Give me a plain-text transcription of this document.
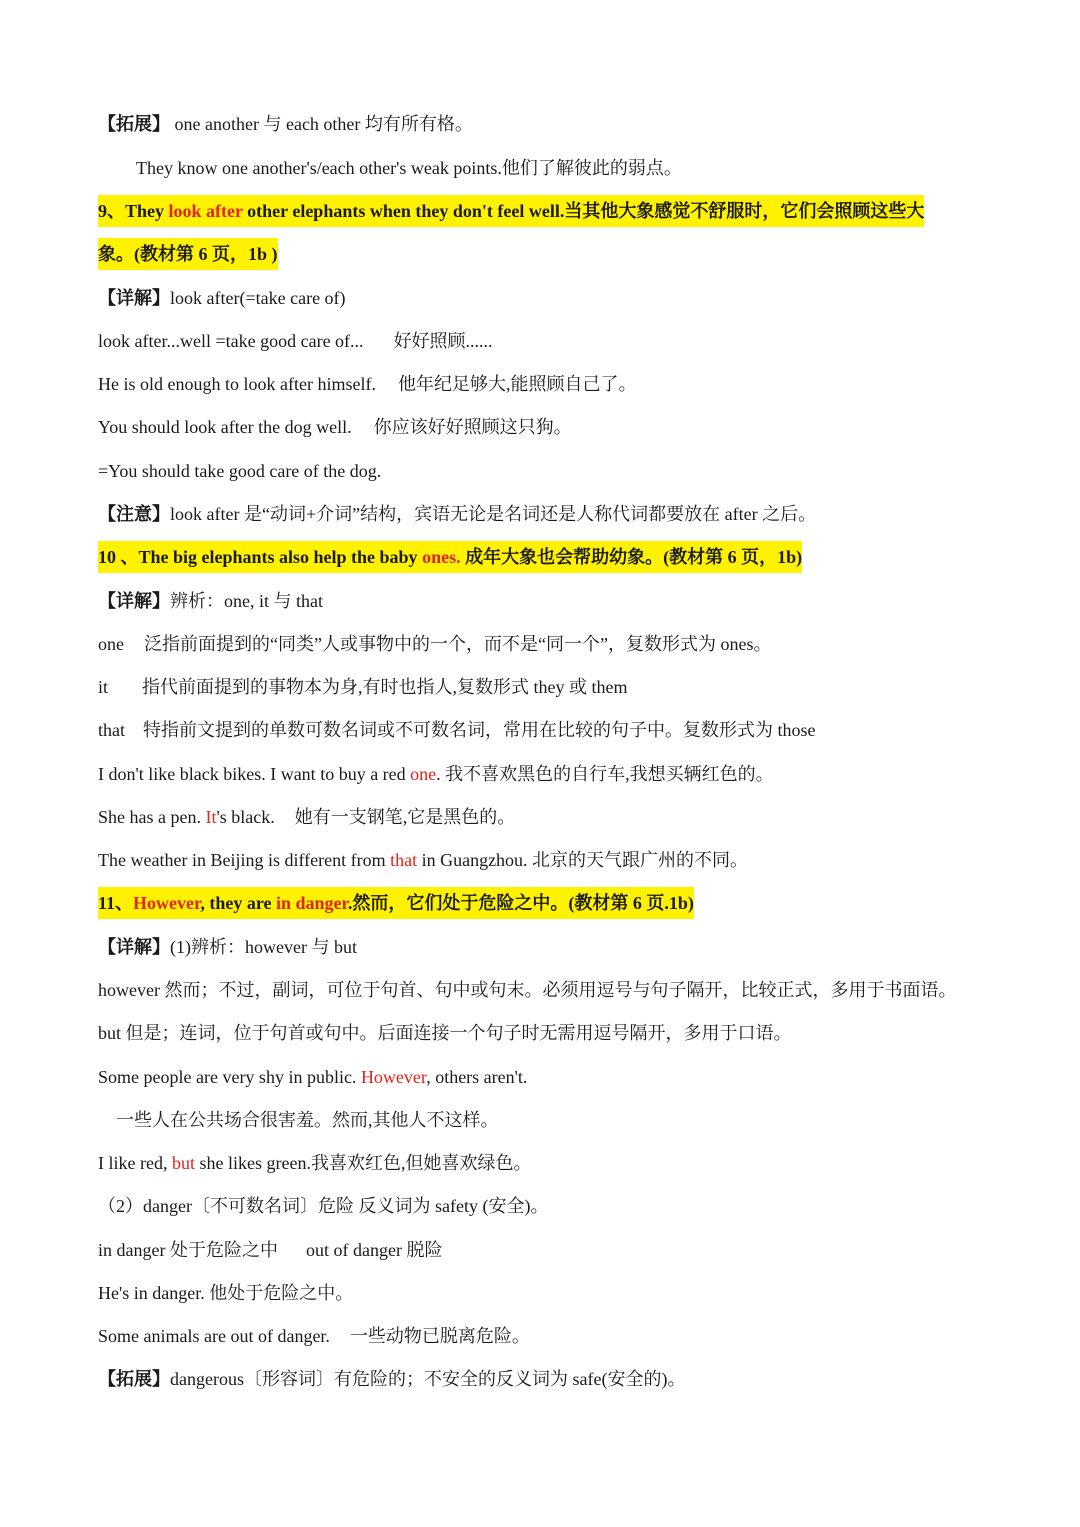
【拓展】 one another 与 each other 均有所有格。
They know one another's/each other's weak points.他们了解彼此的弱点。
9、They look after other elephants when they don't feel well.当其他大象感觉不舒服时，它们会照顾这些大
象。(教材第 6 页，1b )
【详解】look after(=take care of)
look after...well =take good care of... 好好照顾......
He is old enough to look after himself. 他年纪足够大,能照顾自己了。
You should look after the dog well. 你应该好好照顾这只狗。
=You should take good care of the dog.
【注意】look after 是“动词+介词”结构，宾语无论是名词还是人称代词都要放在 after 之后。
10 、The big elephants also help the baby ones. 成年大象也会帮助幼象。(教材第 6 页，1b)
【详解】辨析：one, it 与 that
one 泛指前面提到的“同类”人或事物中的一个，而不是“同一个”，复数形式为 ones。
it 指代前面提到的事物本为身,有时也指人,复数形式 they 或 them
that 特指前文提到的单数可数名词或不可数名词，常用在比较的句子中。复数形式为 those
I don't like black bikes. I want to buy a red one. 我不喜欢黑色的自行车,我想买辆红色的。
She has a pen. It's black. 她有一支钢笔,它是黑色的。
The weather in Beijing is different from that in Guangzhou. 北京的天气跟广州的不同。
11、However, they are in danger.然而，它们处于危险之中。(教材第 6 页.1b)
【详解】(1)辨析：however 与 but
however 然而；不过，副词，可位于句首、句中或句末。必须用逗号与句子隔开，比较正式，多用于书面语。
but 但是；连词，位于句首或句中。后面连接一个句子时无需用逗号隔开，多用于口语。
Some people are very shy in public. However, others aren't.
一些人在公共场合很害羞。然而,其他人不这样。
I like red, but she likes green.我喜欢红色,但她喜欢绿色。
（2）danger〔不可数名词〕危险 反义词为 safety (安全)。
in danger 处于危险之中 out of danger 脱险
He's in danger. 他处于危险之中。
Some animals are out of danger. 一些动物已脱离危险。
【拓展】dangerous〔形容词〕有危险的；不安全的反义词为 safe(安全的)。
